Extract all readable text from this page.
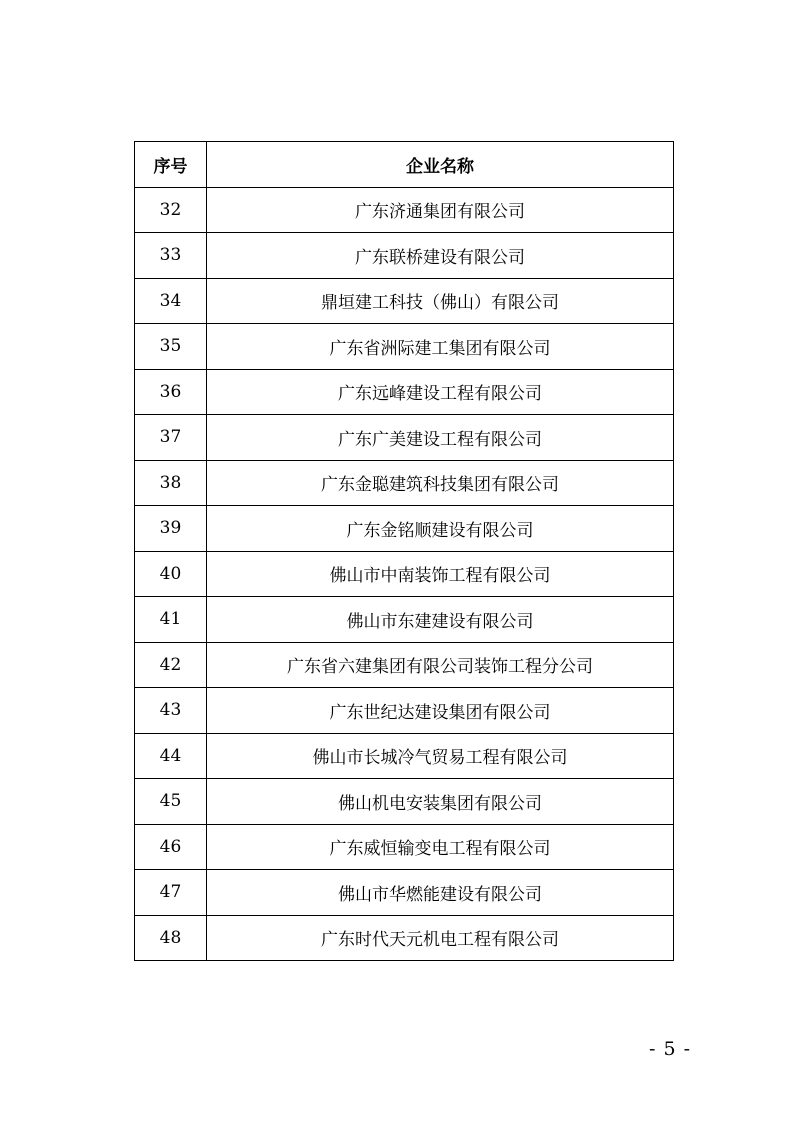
序号	企业名称
32	广东济通集团有限公司
33	广东联桥建设有限公司
34	鼎垣建工科技（佛山）有限公司
35	广东省洲际建工集团有限公司
36	广东远峰建设工程有限公司
37	广东广美建设工程有限公司
38	广东金聪建筑科技集团有限公司
39	广东金铭顺建设有限公司
40	佛山市中南装饰工程有限公司
41	佛山市东建建设有限公司
42	广东省六建集团有限公司装饰工程分公司
43	广东世纪达建设集团有限公司
44	佛山市长城冷气贸易工程有限公司
45	佛山机电安装集团有限公司
46	广东威恒输变电工程有限公司
47	佛山市华燃能建设有限公司
48	广东时代天元机电工程有限公司
- 5 -
